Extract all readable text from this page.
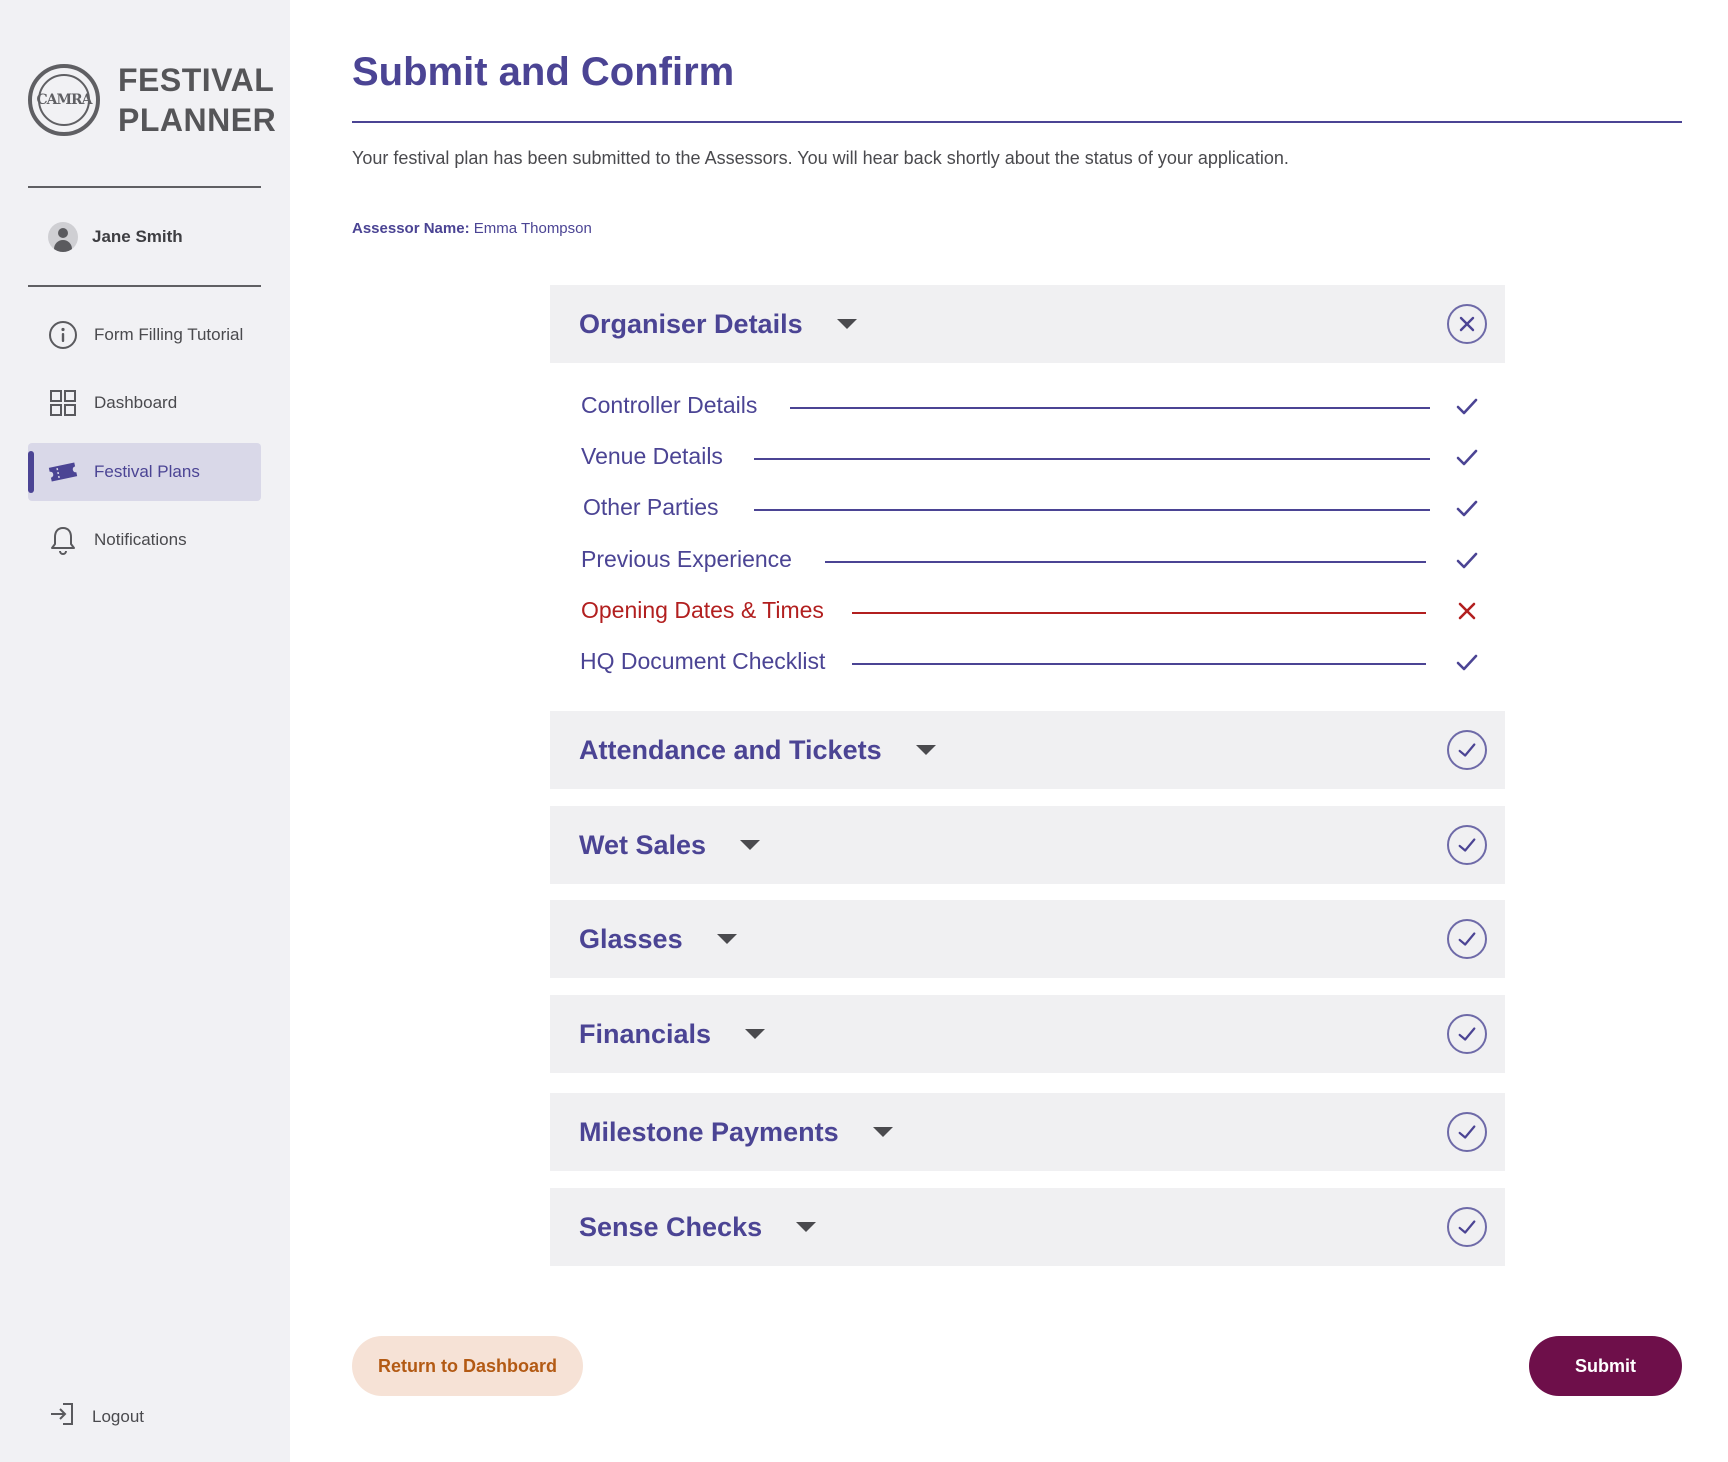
CAMRA
FESTIVAL
PLANNER
Jane Smith
Form Filling Tutorial
Dashboard
Festival Plans
Notifications
Logout
Submit and Confirm

Your festival plan has been submitted to the Assessors. You will hear back shortly about the status of your application.

Assessor Name: Emma Thompson

Organiser Details
Controller Details
Venue Details
Other Parties
Previous Experience
Opening Dates & Times
HQ Document Checklist
Attendance and Tickets
Wet Sales
Glasses
Financials
Milestone Payments
Sense Checks
Return to Dashboard	Submit
